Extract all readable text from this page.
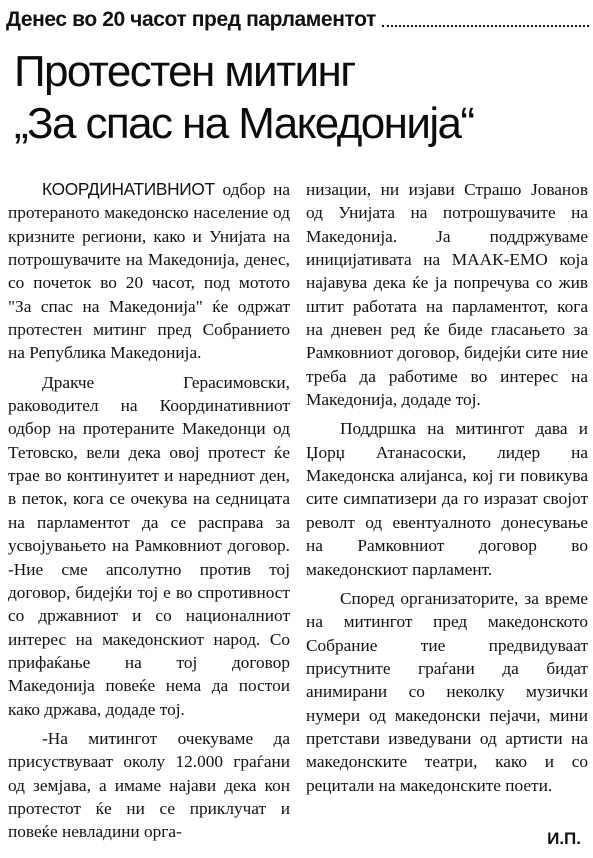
Денес во 20 часот пред парламентот
Протестен митинг
„За спас на Македонија“

КООРДИНАТИВНИОТ одбор на протераното македонско население од кризните региони, како и Унијата на потрошувачите на Македонија, денес, со почеток во 20 часот, под мотото "За спас на Македонија" ќе одржат протестен митинг пред Собранието на Република Македонија.

Дракче Герасимовски, раководител на Координативниот одбор на протераните Македонци од Тетовско, вели дека овој протест ќе трае во континуитет и наредниот ден, в петок, кога се очекува на седницата на парламентот да се расправа за усвојувањето на Рамковниот договор. -Ние сме апсолутно против тој договор, бидејќи тој е во спротивност со државниот и со националниот интерес на македонскиот народ. Со прифаќање на тој договор Македонија повеќе нема да постои како држава, додаде тој.

-На митингот очекуваме да присуствуваат околу 12.000 граѓани од земјава, а имаме најави дека кон протестот ќе ни се приклучат и повеќе невладини орга-

низации, ни изјави Страшо Јованов од Унијата на потрошувачите на Македонија. Ја поддржуваме иницијативата на МААК-ЕМО која најавува дека ќе ја попречува со жив штит работата на парламентот, кога на дневен ред ќе биде гласањето за Рамковниот договор, бидејќи сите ние треба да работиме во интерес на Македонија, додаде тој.

Поддршка на митингот дава и Џорџ Атанасоски, лидер на Македонска алијанса, кој ги повикува сите симпатизери да го изразат својот револт од евентуалното донесување на Рамковниот договор во македонскиот парламент.

Според организаторите, за време на митингот пред македонското Собрание тие предвидуваат присутните граѓани да бидат анимирани со неколку музички нумери од македонски пејачи, мини претстави изведувани од артисти на македонските театри, како и со рецитали на македонските поети.

И.П.
